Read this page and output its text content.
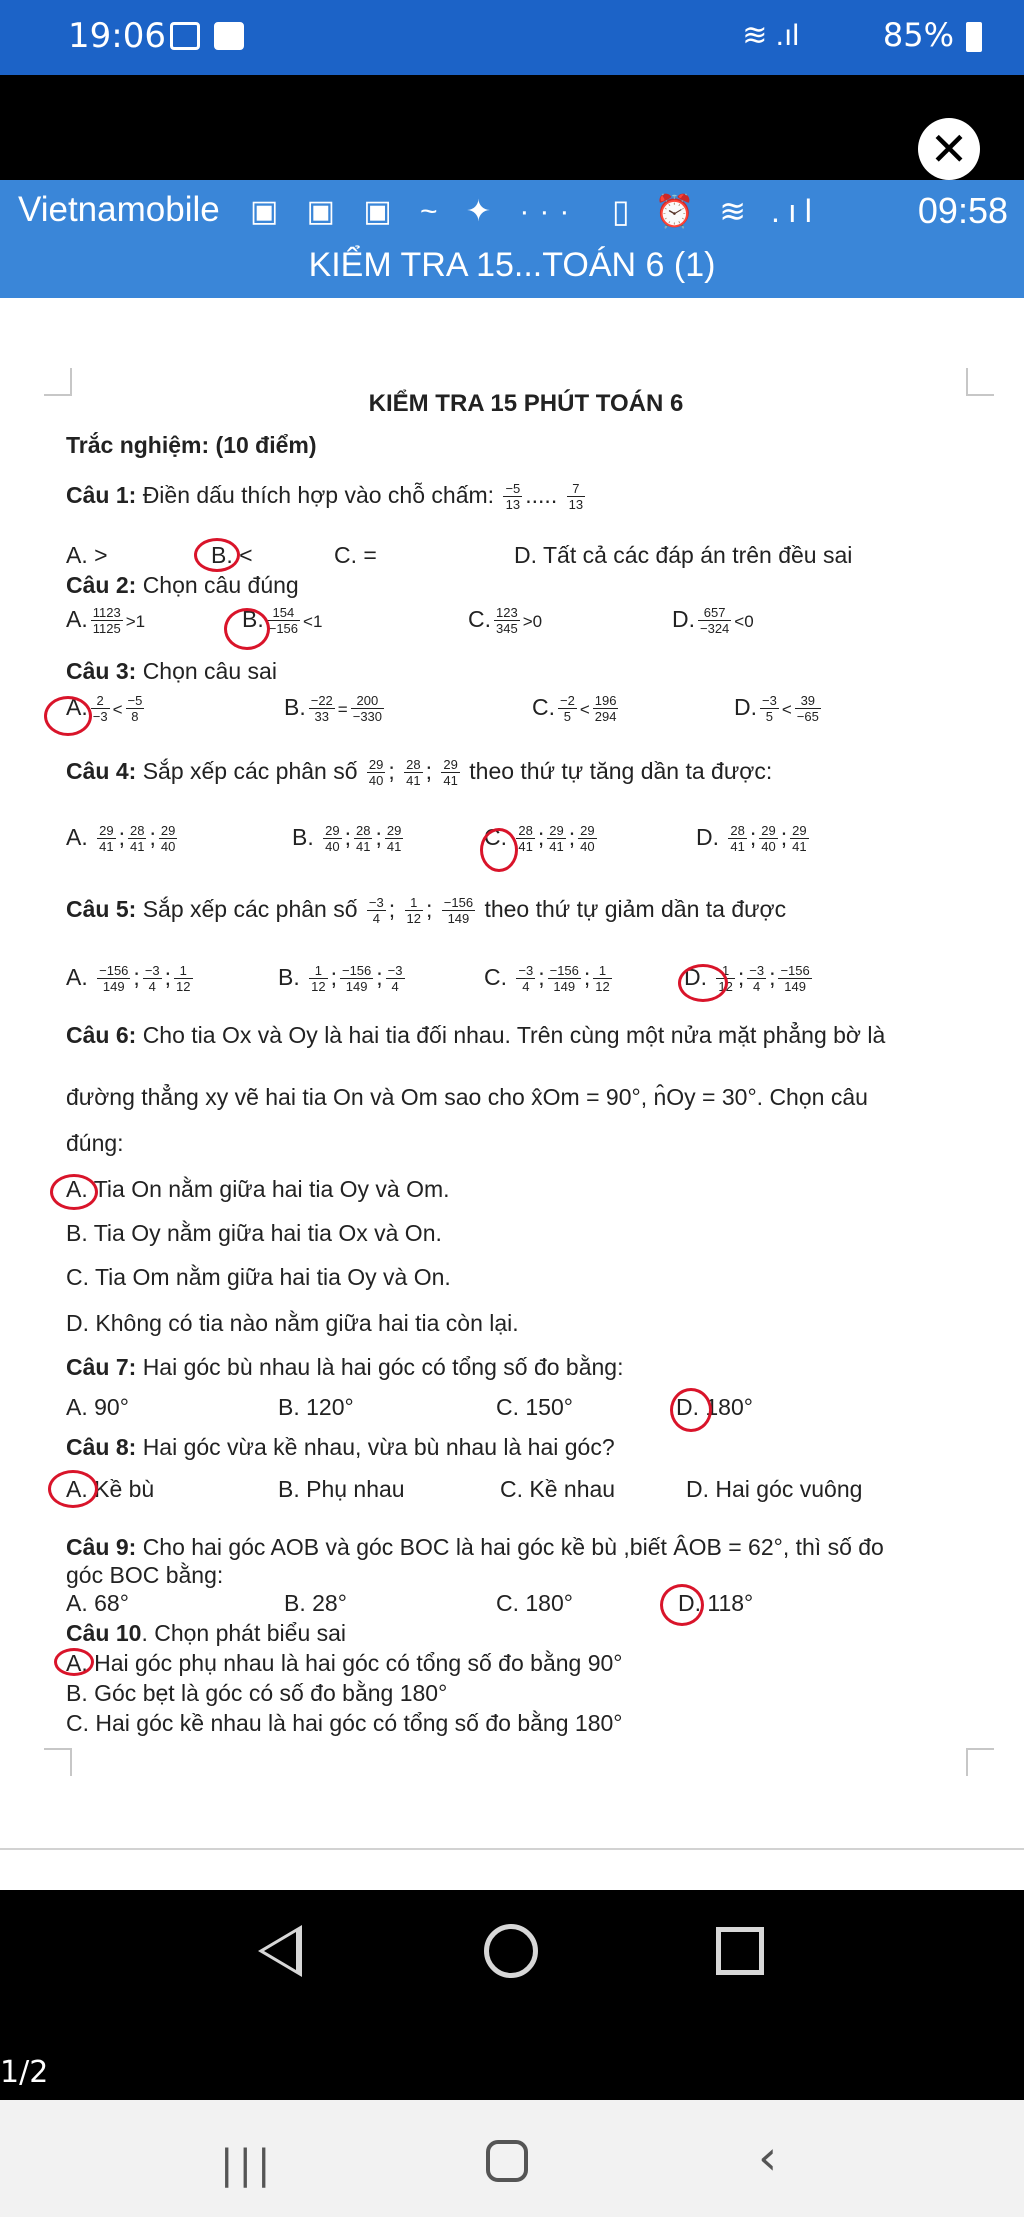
19:06	≋ .ıl	85%
✕
Vietnamobile ▣ ▣ ▣ ~ ✦ ··· ▯ ⏰ ≋ .ıl	09:58
KIỂM TRA 15...TOÁN 6 (1)
KIỂM TRA 15 PHÚT TOÁN 6
Trắc nghiệm: (10 điểm)
Câu 1: Điền dấu thích hợp vào chỗ chấm: $\frac{-5}{13}$ ..... $\frac{7}{13}$
A. >	B. <	C. =	D. Tất cả các đáp án trên đều sai
Câu 2: Chọn câu đúng
A. $\frac{1123}{1125} >1$	B. $\frac{154}{-156} <1$	C. $\frac{123}{345} >0$	D. $\frac{657}{-324} <0$
Câu 3: Chọn câu sai
A. $\frac{2}{-3} < \frac{-5}{8}$	B. $\frac{-22}{33} = \frac{200}{-330}$	C. $\frac{-2}{5} < \frac{196}{294}$	D. $\frac{-3}{5} < \frac{39}{-65}$
Câu 4: Sắp xếp các phân số $\frac{29}{40}$ ; $\frac{28}{41}$ ; $\frac{29}{41}$ theo thứ tự tăng dần ta được:
A. $\frac{29}{41}$ ; $\frac{28}{41}$ ; $\frac{29}{40}$	B. $\frac{29}{40}$ ; $\frac{28}{41}$ ; $\frac{29}{41}$	C. $\frac{28}{41}$ ; $\frac{29}{41}$ ; $\frac{29}{40}$	D. $\frac{28}{41}$ ; $\frac{29}{40}$ ; $\frac{29}{41}$
Câu 5: Sắp xếp các phân số $\frac{-3}{4}$ ; $\frac{1}{12}$ ; $\frac{-156}{149}$ theo thứ tự giảm dần ta được
A. $\frac{-156}{149}$ ; $\frac{-3}{4}$ ; $\frac{1}{12}$	B. $\frac{1}{12}$ ; $\frac{-156}{149}$ ; $\frac{-3}{4}$	C. $\frac{-3}{4}$ ; $\frac{-156}{149}$ ; $\frac{1}{12}$	D. $\frac{1}{12}$ ; $\frac{-3}{4}$ ; $\frac{-156}{149}$
Câu 6: Cho tia Ox và Oy là hai tia đối nhau. Trên cùng một nửa mặt phẳng bờ là
đường thẳng xy vẽ hai tia On và Om sao cho x̂Om = 90°, n̂Oy = 30°. Chọn câu
đúng:
A. Tia On nằm giữa hai tia Oy và Om.
B. Tia Oy nằm giữa hai tia Ox và On.
C. Tia Om nằm giữa hai tia Oy và On.
D. Không có tia nào nằm giữa hai tia còn lại.
Câu 7: Hai góc bù nhau là hai góc có tổng số đo bằng:
A. 90°	B. 120°	C. 150°	D. 180°
Câu 8: Hai góc vừa kề nhau, vừa bù nhau là hai góc?
A. Kề bù	B. Phụ nhau	C. Kề nhau	D. Hai góc vuông
Câu 9: Cho hai góc AOB và góc BOC là hai góc kề bù ,biết ÂOB = 62°, thì số đo
góc BOC bằng:
A. 68°	B. 28°	C. 180°	D. 118°
Câu 10. Chọn phát biểu sai
A. Hai góc phụ nhau là hai góc có tổng số đo bằng 90°
B. Góc bẹt là góc có số đo bằng 180°
C. Hai góc kề nhau là hai góc có tổng số đo bằng 180°
1/2
|||	‹
